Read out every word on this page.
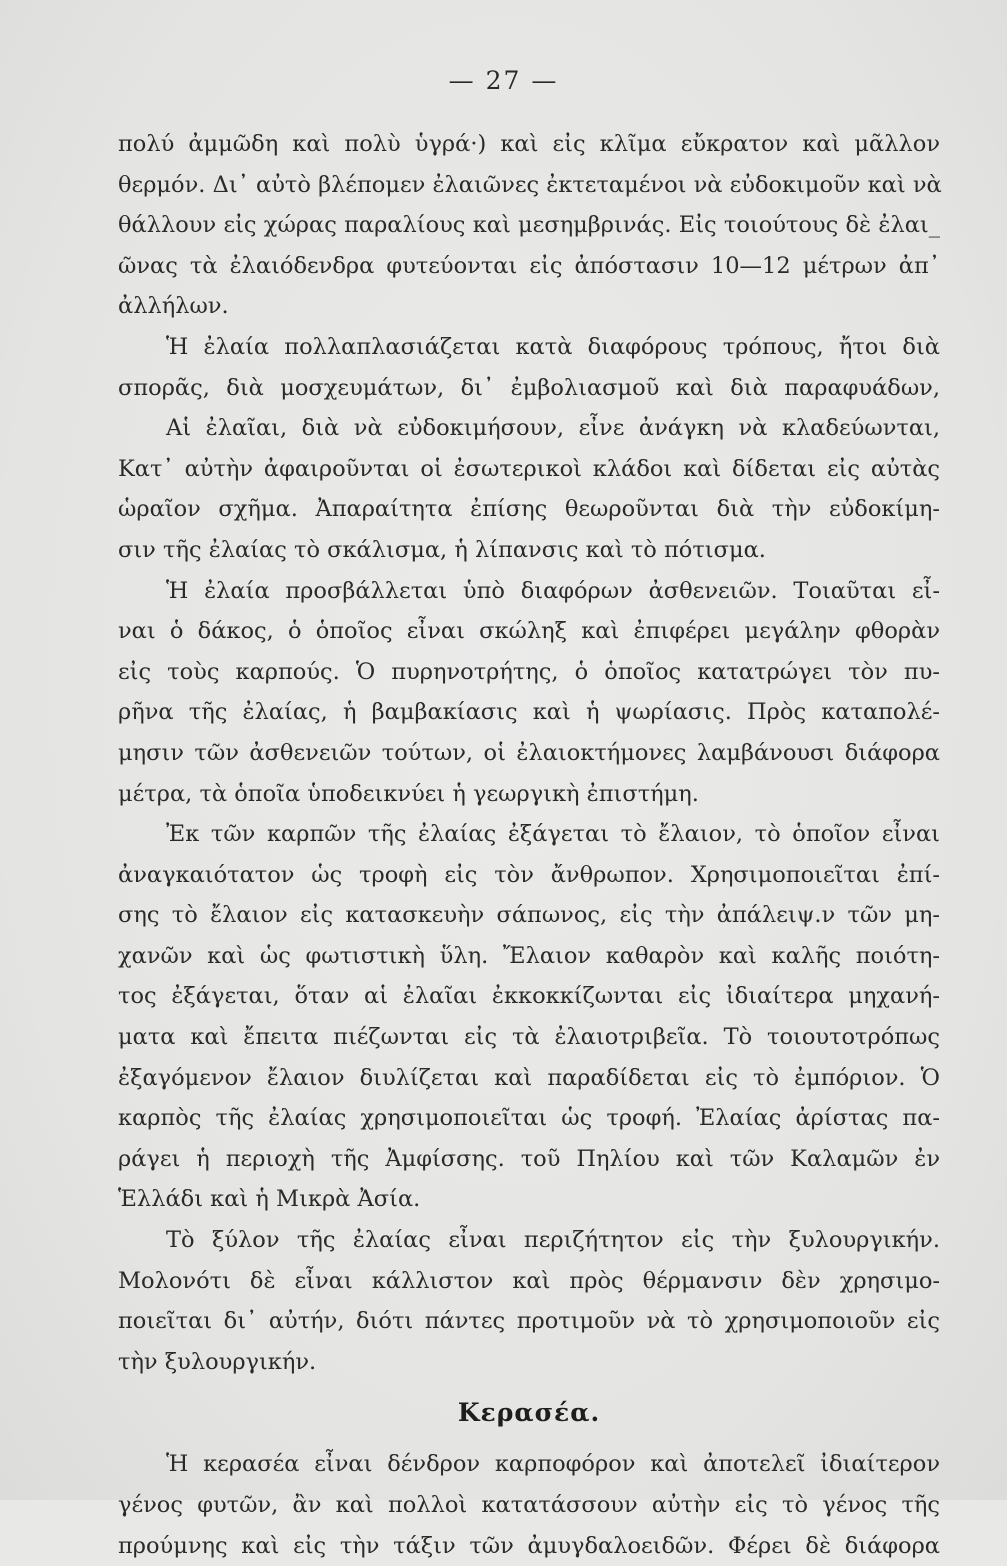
— 27 —
πολύ ἀμμῶδη καὶ πολὺ ὑγρά·) καὶ εἰς κλῖμα εὔκρατον καὶ μᾶλλον
θερμόν. Δι᾽ αὐτὸ βλέπομεν ἐλαιῶνες ἐκτεταμένοι νὰ εὐδοκιμοῦν καὶ νὰ
θάλλουν εἰς χώρας παραλίους καὶ μεσημβρινάς. Εἰς τοιούτους δὲ ἐλαι_
ῶνας τὰ ἐλαιόδενδρα φυτεύονται εἰς ἀπόστασιν 10—12 μέτρων ἀπ᾽
ἀλλήλων.
Ἡ ἐλαία πολλαπλασιάζεται κατὰ διαφόρους τρόπους, ἤτοι διὰ
σπορᾶς, διὰ μοσχευμάτων, δι᾽ ἐμβολιασμοῦ καὶ διὰ παραφυάδων,
Αἱ ἐλαῖαι, διὰ νὰ εὐδοκιμήσουν, εἶνε ἀνάγκη νὰ κλαδεύωνται,
Κατ᾽ αὐτὴν ἀφαιροῦνται οἱ ἐσωτερικοὶ κλάδοι καὶ δίδεται εἰς αὐτὰς
ὡραῖον σχῆμα. Ἀπαραίτητα ἐπίσης θεωροῦνται διὰ τὴν εὐδοκίμη-
σιν τῆς ἐλαίας τὸ σκάλισμα, ἡ λίπανσις καὶ τὸ πότισμα.
Ἡ ἐλαία προσβάλλεται ὑπὸ διαφόρων ἀσθενειῶν. Τοιαῦται εἶ-
ναι ὁ δάκος, ὁ ὁποῖος εἶναι σκώληξ καὶ ἐπιφέρει μεγάλην φθορὰν
εἰς τοὺς καρπούς. Ὁ πυρηνοτρήτης, ὁ ὁποῖος κατατρώγει τὸν πυ-
ρῆνα τῆς ἐλαίας, ἡ βαμβακίασις καὶ ἡ ψωρίασις. Πρὸς καταπολέ-
μησιν τῶν ἀσθενειῶν τούτων, οἱ ἐλαιοκτήμονες λαμβάνουσι διάφορα
μέτρα, τὰ ὁποῖα ὑποδεικνύει ἡ γεωργικὴ ἐπιστήμη.
Ἐκ τῶν καρπῶν τῆς ἐλαίας ἐξάγεται τὸ ἔλαιον, τὸ ὁποῖον εἶναι
ἀναγκαιότατον ὡς τροφὴ εἰς τὸν ἄνθρωπον. Χρησιμοποιεῖται ἐπί-
σης τὸ ἔλαιον εἰς κατασκευὴν σάπωνος, εἰς τὴν ἀπάλειψ.ν τῶν μη-
χανῶν καὶ ὡς φωτιστικὴ ὕλη. Ἔλαιον καθαρὸν καὶ καλῆς ποιότη-
τος ἐξάγεται, ὅταν αἱ ἐλαῖαι ἐκκοκκίζωνται εἰς ἰδιαίτερα μηχανή-
ματα καὶ ἔπειτα πιέζωνται εἰς τὰ ἐλαιοτριβεῖα. Τὸ τοιουτοτρόπως
ἐξαγόμενον ἔλαιον διυλίζεται καὶ παραδίδεται εἰς τὸ ἐμπόριον. Ὁ
καρπὸς τῆς ἐλαίας χρησιμοποιεῖται ὡς τροφή. Ἐλαίας ἀρίστας πα-
ράγει ἡ περιοχὴ τῆς Ἀμφίσσης. τοῦ Πηλίου καὶ τῶν Καλαμῶν ἐν
Ἑλλάδι καὶ ἡ Μικρὰ Ἀσία.
Τὸ ξύλον τῆς ἐλαίας εἶναι περιζήτητον εἰς τὴν ξυλουργικήν.
Μολονότι δὲ εἶναι κάλλιστον καὶ πρὸς θέρμανσιν δὲν χρησιμο-
ποιεῖται δι᾽ αὐτήν, διότι πάντες προτιμοῦν νὰ τὸ χρησιμοποιοῦν εἰς
τὴν ξυλουργικήν.
Κερασέα.
Ἡ κερασέα εἶναι δένδρον καρποφόρον καὶ ἀποτελεῖ ἰδιαίτερον
γένος φυτῶν, ἂν καὶ πολλοὶ κατατάσσουν αὐτὴν εἰς τὸ γένος τῆς
προύμνης καὶ εἰς τὴν τάξιν τῶν ἀμυγδαλοειδῶν. Φέρει δὲ διάφορα
